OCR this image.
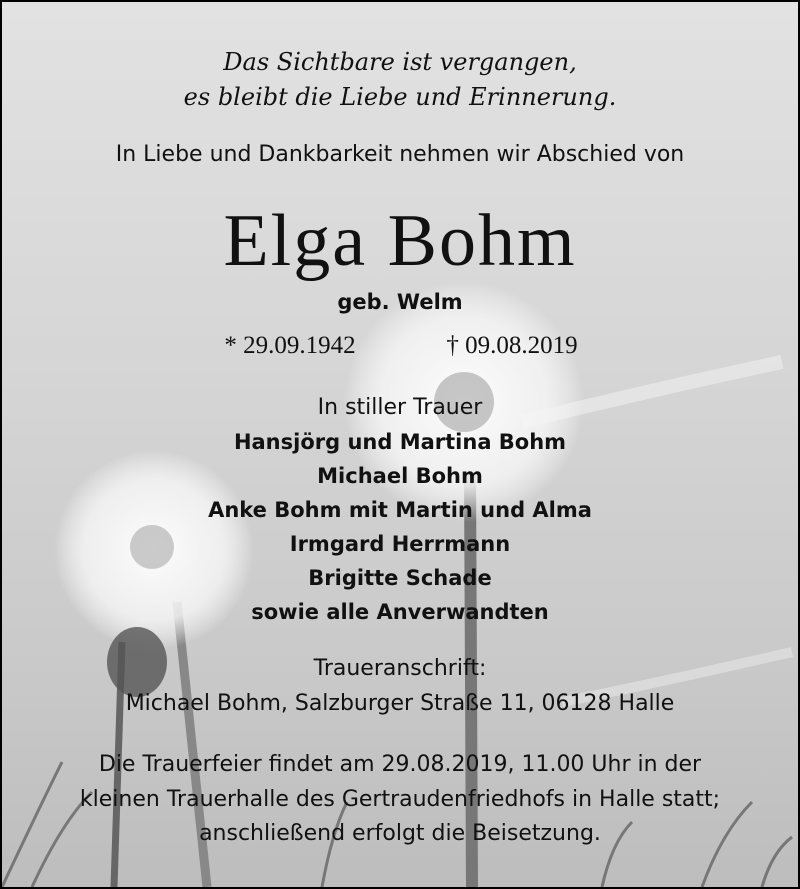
Das Sichtbare ist vergangen,
es bleibt die Liebe und Erinnerung.
In Liebe und Dankbarkeit nehmen wir Abschied von
Elga Bohm
geb. Welm
* 29.09.1942	† 09.08.2019
In stiller Trauer
Hansjörg und Martina Bohm
Michael Bohm
Anke Bohm mit Martin und Alma
Irmgard Herrmann
Brigitte Schade
sowie alle Anverwandten
Traueranschrift:
Michael Bohm, Salzburger Straße 11, 06128 Halle
Die Trauerfeier findet am 29.08.2019, 11.00 Uhr in der
kleinen Trauerhalle des Gertraudenfriedhofs in Halle statt;
anschließend erfolgt die Beisetzung.
